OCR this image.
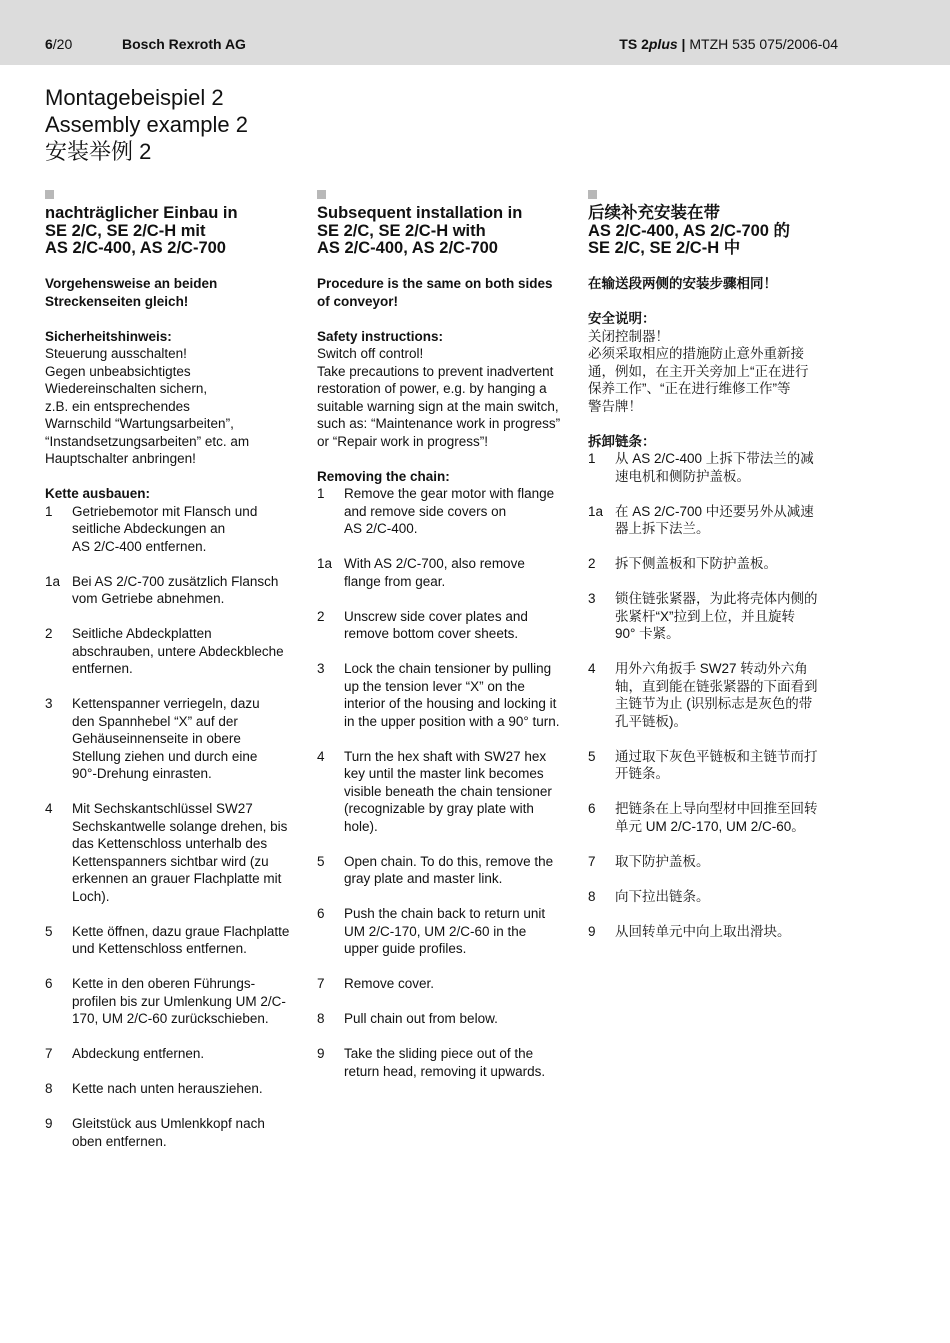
6/20	Bosch Rexroth AG	TS 2plus | MTZH 535 075/2006-04
Montagebeispiel 2
Assembly example 2
安装举例 2
nachträglicher Einbau in
SE 2/C, SE 2/C-H mit
AS 2/C-400, AS 2/C-700
Vorgehensweise an beiden
Streckenseiten gleich!
Sicherheitshinweis:
Steuerung ausschalten!
Gegen unbeabsichtigtes
Wiedereinschalten sichern,
z.B. ein entsprechendes
Warnschild “Wartungsarbeiten”,
“Instandsetzungsarbeiten” etc. am
Hauptschalter anbringen!
Kette ausbauen:
1	Getriebemotor mit Flansch und
seitliche Abdeckungen an
AS 2/C-400 entfernen.
1a Bei AS 2/C-700 zusätzlich Flansch
vom Getriebe abnehmen.
2	Seitliche Abdeckplatten
abschrauben, untere Abdeckbleche
entfernen.
3	Kettenspanner verriegeln, dazu
den Spannhebel “X” auf der
Gehäuseinnenseite in obere
Stellung ziehen und durch eine
90°-Drehung einrasten.
4	Mit Sechskantschlüssel SW27
Sechskantwelle solange drehen, bis
das Kettenschloss unterhalb des
Kettenspanners sichtbar wird (zu
erkennen an grauer Flachplatte mit
Loch).
5	Kette öffnen, dazu graue Flachplatte
und Kettenschloss entfernen.
6	Kette in den oberen Führungs-
profilen bis zur Umlenkung UM 2/C-
170, UM 2/C-60 zurückschieben.
7	Abdeckung entfernen.
8	Kette nach unten herausziehen.
9	Gleitstück aus Umlenkkopf nach
oben entfernen.
Subsequent installation in
SE 2/C, SE 2/C-H with
AS 2/C-400, AS 2/C-700
Procedure is the same on both sides
of conveyor!
Safety instructions:
Switch off control!
Take precautions to prevent inadvertent
restoration of power, e.g. by hanging a
suitable warning sign at the main switch,
such as: “Maintenance work in progress”
or “Repair work in progress”!
Removing the chain:
1	Remove the gear motor with flange
and remove side covers on
AS 2/C-400.
1a With AS 2/C-700, also remove
flange from gear.
2	Unscrew side cover plates and
remove bottom cover sheets.
3	Lock the chain tensioner by pulling
up the tension lever “X” on the
interior of the housing and locking it
in the upper position with a 90° turn.
4	Turn the hex shaft with SW27 hex
key until the master link becomes
visible beneath the chain tensioner
(recognizable by gray plate with
hole).
5	Open chain. To do this, remove the
gray plate and master link.
6	Push the chain back to return unit
UM 2/C-170, UM 2/C-60 in the
upper guide profiles.
7	Remove cover.
8	Pull chain out from below.
9	Take the sliding piece out of the
return head, removing it upwards.
后续补充安装在带
AS 2/C-400, AS 2/C-700 的
SE 2/C, SE 2/C-H 中
在输送段两侧的安装步骤相同！
安全说明：
关闭控制器！
必须采取相应的措施防止意外重新接
通，例如，在主开关旁加上“正在进行
保养工作”、“正在进行维修工作”等
警告牌！
拆卸链条：
1	从 AS 2/C-400 上拆下带法兰的减
速电机和侧防护盖板。
1a 在 AS 2/C-700 中还要另外从减速
器上拆下法兰。
2	拆下侧盖板和下防护盖板。
3	锁住链张紧器，为此将壳体内侧的
张紧杆“X”拉到上位，并且旋转
90° 卡紧。
4	用外六角扳手 SW27 转动外六角
轴，直到能在链张紧器的下面看到
主链节为止 (识别标志是灰色的带
孔平链板)。
5	通过取下灰色平链板和主链节而打
开链条。
6	把链条在上导向型材中回推至回转
单元 UM 2/C-170, UM 2/C-60。
7	取下防护盖板。
8	向下拉出链条。
9	从回转单元中向上取出滑块。
